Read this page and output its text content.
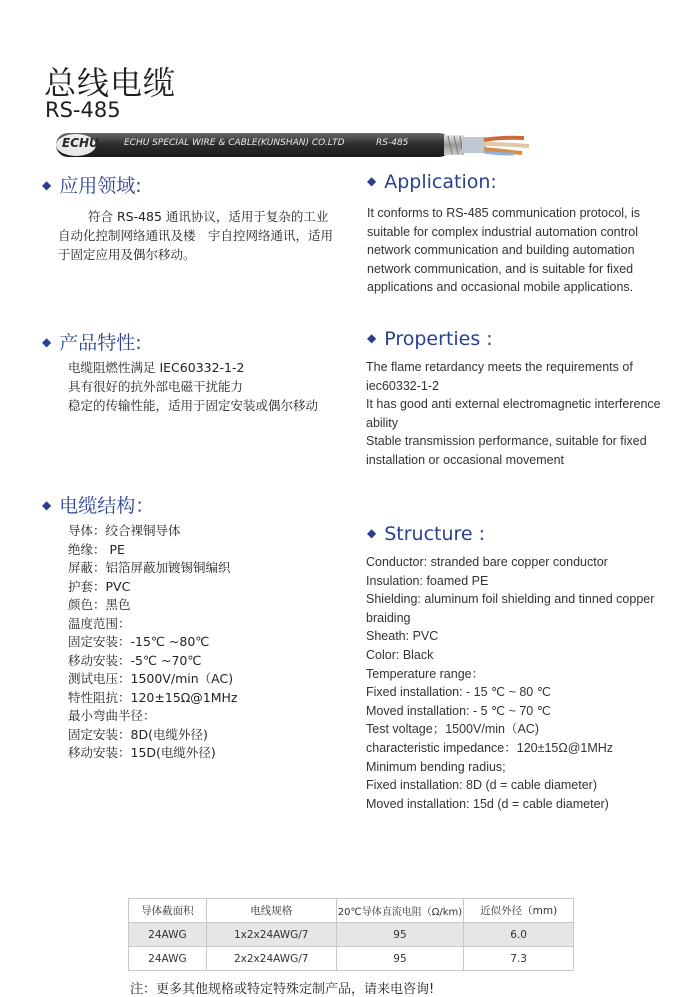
总线电缆
RS-485
ECHU	ECHU SPECIAL WIRE & CABLE(KUNSHAN) CO.LTD	RS-485
◆ 应用领域:	◆ Application:
符合 RS-485 通讯协议，适用于复杂的工业
自动化控制网络通讯及楼　宇自控网络通讯，适用
于固定应用及偶尔移动。
It conforms to RS-485 communication protocol, is
suitable for complex industrial automation control
network communication and building automation
network communication, and is suitable for fixed
applications and occasional mobile applications.
◆ 产品特性:	◆ Properties :
电缆阻燃性满足 IEC60332-1-2
具有很好的抗外部电磁干扰能力
稳定的传输性能，适用于固定安装或偶尔移动
The flame retardancy meets the requirements of
iec60332-1-2
It has good anti external electromagnetic interference
ability
Stable transmission performance, suitable for fixed
installation or occasional movement
◆ 电缆结构：
◆ Structure :
导体：绞合裸铜导体
绝缘： PE
屏蔽：铝箔屏蔽加镀锡铜编织
护套：PVC
颜色：黑色
温度范围：
固定安装：-15℃ ~80℃
移动安装：-5℃ ~70℃
测试电压：1500V/min（AC)
特性阻抗：120±15Ω@1MHz
最小弯曲半径：
固定安装：8D(电缆外径)
移动安装：15D(电缆外径)
Conductor: stranded bare copper conductor
Insulation: foamed PE
Shielding: aluminum foil shielding and tinned copper
braiding
Sheath: PVC
Color: Black
Temperature range：
Fixed installation: - 15 ℃ ~ 80 ℃
Moved installation: - 5 ℃ ~ 70 ℃
Test voltage；1500V/min（AC)
characteristic impedance：120±15Ω@1MHz
Minimum bending radius;
Fixed installation: 8D (d = cable diameter)
Moved installation: 15d (d = cable diameter)
导体截面积	电线规格	20℃导体直流电阻（Ω/km)	近似外径（mm)
24AWG	1x2x24AWG/7	95	6.0
24AWG	2x2x24AWG/7	95	7.3
注：更多其他规格或特定特殊定制产品，请来电咨询!
